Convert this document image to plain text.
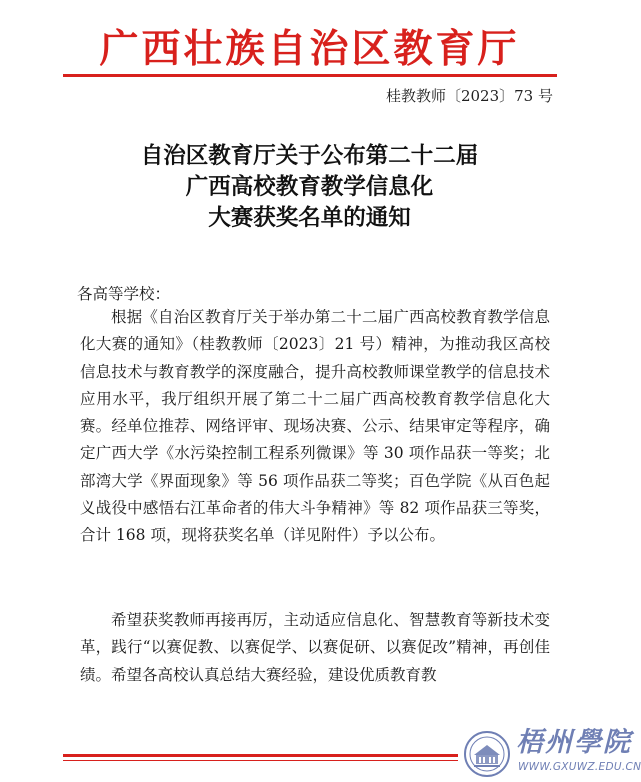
广西壮族自治区教育厅
桂教教师〔2023〕73 号
自治区教育厅关于公布第二十二届
广西高校教育教学信息化
大赛获奖名单的通知
各高等学校：
根据《自治区教育厅关于举办第二十二届广西高校教育教学信息化大赛的通知》（桂教教师〔2023〕21 号）精神，为推动我区高校信息技术与教育教学的深度融合，提升高校教师课堂教学的信息技术应用水平，我厅组织开展了第二十二届广西高校教育教学信息化大赛。经单位推荐、网络评审、现场决赛、公示、结果审定等程序，确定广西大学《水污染控制工程系列微课》等 30 项作品获一等奖；北部湾大学《界面现象》等 56 项作品获二等奖；百色学院《从百色起义战役中感悟右江革命者的伟大斗争精神》等 82 项作品获三等奖，合计 168 项，现将获奖名单（详见附件）予以公布。
希望获奖教师再接再厉，主动适应信息化、智慧教育等新技术变革，践行“以赛促教、以赛促学、以赛促研、以赛促改”精神，再创佳绩。希望各高校认真总结大赛经验，建设优质教育教
梧州學院
WWW.GXUWZ.EDU.CN
